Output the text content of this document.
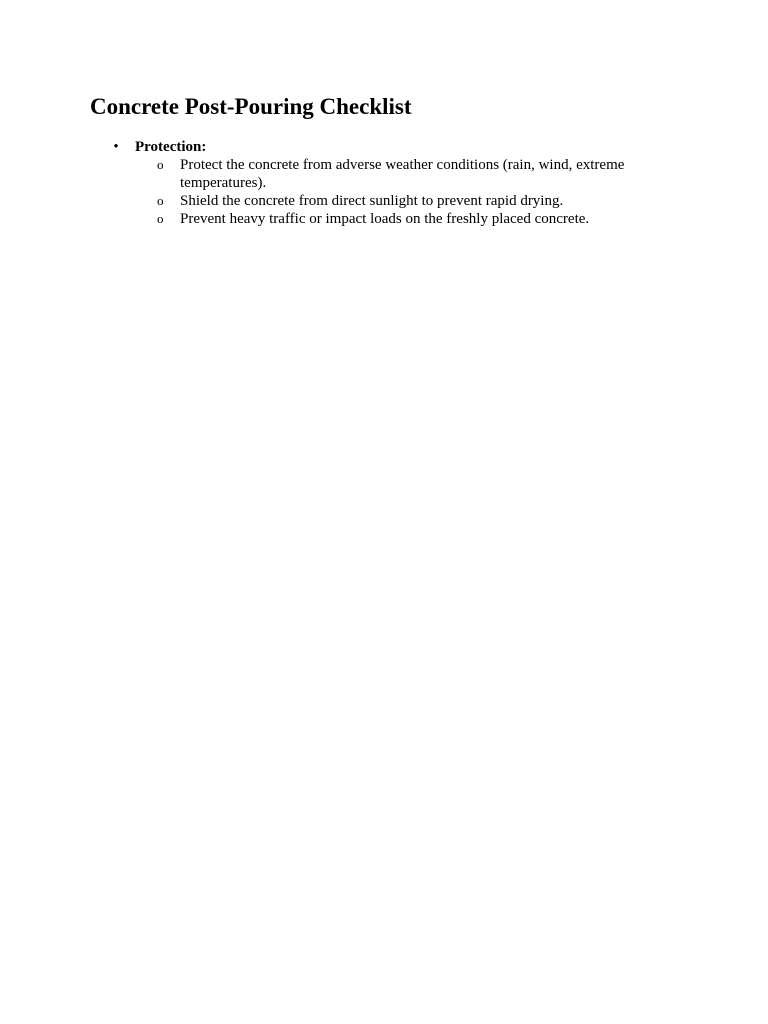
Concrete Post-Pouring Checklist
•
Protection:
o
Protect the concrete from adverse weather conditions (rain, wind, extreme temperatures).
o
Shield the concrete from direct sunlight to prevent rapid drying.
o
Prevent heavy traffic or impact loads on the freshly placed concrete.
